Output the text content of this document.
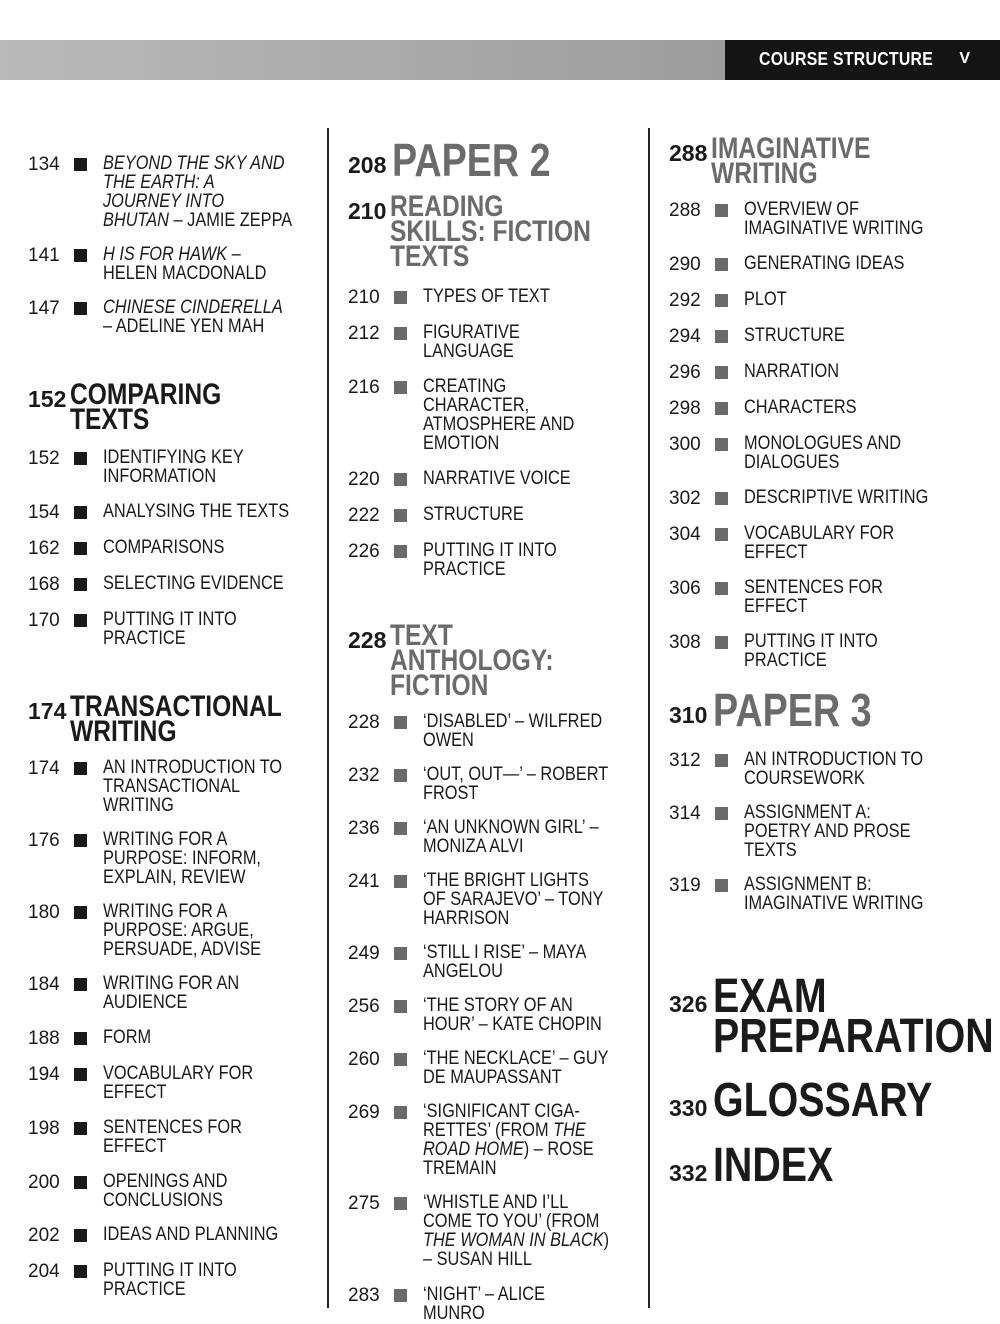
COURSE STRUCTURE V
134	BEYOND THE SKY AND THE EARTH: A JOURNEY INTO BHUTAN – JAMIE ZEPPA
141	H IS FOR HAWK – HELEN MACDONALD
147	CHINESE CINDERELLA – ADELINE YEN MAH
152 COMPARING TEXTS
152	IDENTIFYING KEY INFORMATION
154	ANALYSING THE TEXTS
162	COMPARISONS
168	SELECTING EVIDENCE
170	PUTTING IT INTO PRACTICE
174 TRANSACTIONAL WRITING
174	AN INTRODUCTION TO TRANSACTIONAL WRITING
176	WRITING FOR A PURPOSE: INFORM, EXPLAIN, REVIEW
180	WRITING FOR A PURPOSE: ARGUE, PERSUADE, ADVISE
184	WRITING FOR AN AUDIENCE
188	FORM
194	VOCABULARY FOR EFFECT
198	SENTENCES FOR EFFECT
200	OPENINGS AND CONCLUSIONS
202	IDEAS AND PLANNING
204	PUTTING IT INTO PRACTICE
208 PAPER 2
210 READING SKILLS: FICTION TEXTS
210	TYPES OF TEXT
212	FIGURATIVE LANGUAGE
216	CREATING CHARACTER, ATMOSPHERE AND EMOTION
220	NARRATIVE VOICE
222	STRUCTURE
226	PUTTING IT INTO PRACTICE
228 TEXT ANTHOLOGY: FICTION
228	‘DISABLED’ – WILFRED OWEN
232	‘OUT, OUT—’ – ROBERT FROST
236	‘AN UNKNOWN GIRL’ – MONIZA ALVI
241	‘THE BRIGHT LIGHTS OF SARAJEVO’ – TONY HARRISON
249	‘STILL I RISE’ – MAYA ANGELOU
256	‘THE STORY OF AN HOUR’ – KATE CHOPIN
260	‘THE NECKLACE’ – GUY DE MAUPASSANT
269	‘SIGNIFICANT CIGA-RETTES’ (FROM THE ROAD HOME) – ROSE TREMAIN
275	‘WHISTLE AND I’LL COME TO YOU’ (FROM THE WOMAN IN BLACK) – SUSAN HILL
283	‘NIGHT’ – ALICE MUNRO
288 IMAGINATIVE WRITING
288	OVERVIEW OF IMAGINATIVE WRITING
290	GENERATING IDEAS
292	PLOT
294	STRUCTURE
296	NARRATION
298	CHARACTERS
300	MONOLOGUES AND DIALOGUES
302	DESCRIPTIVE WRITING
304	VOCABULARY FOR EFFECT
306	SENTENCES FOR EFFECT
308	PUTTING IT INTO PRACTICE
310 PAPER 3
312	AN INTRODUCTION TO COURSEWORK
314	ASSIGNMENT A: POETRY AND PROSE TEXTS
319	ASSIGNMENT B: IMAGINATIVE WRITING
326 EXAM PREPARATION
330 GLOSSARY
332 INDEX
